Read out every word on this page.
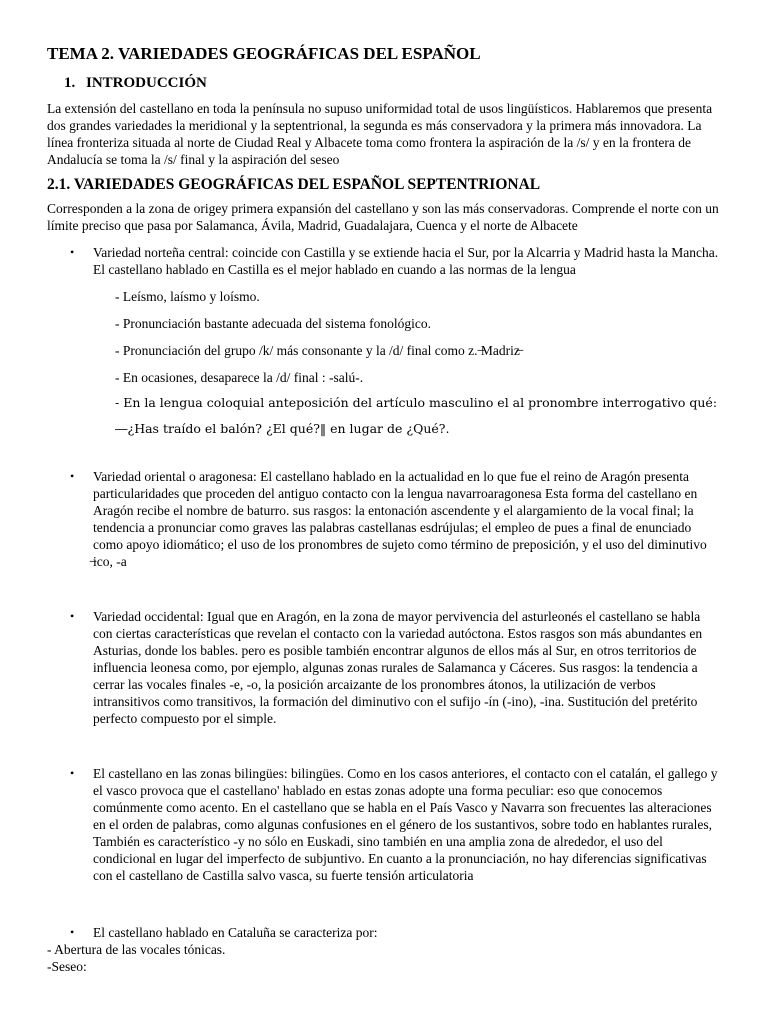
TEMA 2. VARIEDADES GEOGRÁFICAS DEL ESPAÑOL
1. INTRODUCCIÓN

La extensión del castellano en toda la península no supuso uniformidad total de usos lingüísticos. Hablaremos que presenta dos grandes variedades la meridional y la septentrional, la segunda es más conservadora y la primera más innovadora. La línea fronteriza situada al norte de Ciudad Real y Albacete toma como frontera la aspiración de la /s/ y en la frontera de Andalucía se toma la /s/ final y la aspiración del seseo

2.1. VARIEDADES GEOGRÁFICAS DEL ESPAÑOL SEPTENTRIONAL

Corresponden a la zona de origey primera expansión del castellano y son las más conservadoras. Comprende el norte con un límite preciso que pasa por Salamanca, Ávila, Madrid, Guadalajara, Cuenca y el norte de Albacete

• Variedad norteña central: coincide con Castilla y se extiende hacia el Sur, por la Alcarria y Madrid hasta la Mancha. El castellano hablado en Castilla es el mejor hablado en cuando a las normas de la lengua

- Leísmo, laísmo y loísmo.

- Pronunciación bastante adecuada del sistema fonológico.

- Pronunciación del grupo /k/ más consonante y la /d/ final como z. ̶Madriz̶

- En ocasiones, desaparece la /d/ final : -salú-.

- En la lengua coloquial anteposición del artículo masculino el al pronombre interrogativo qué: ―¿Has traído el balón? ¿El qué?‖ en lugar de ¿Qué?.

• Variedad oriental o aragonesa: El castellano hablado en la actualidad en lo que fue el reino de Aragón presenta particularidades que proceden del antiguo contacto con la lengua navarroaragonesa Esta forma del castellano en Aragón recibe el nombre de baturro. sus rasgos: la entonación ascendente y el alargamiento de la vocal final; la tendencia a pronunciar como graves las palabras castellanas esdrújulas; el empleo de pues a final de enunciado como apoyo idiomático; el uso de los pronombres de sujeto como término de preposición, y el uso del diminutivo ̶ico, -a

• Variedad occidental: Igual que en Aragón, en la zona de mayor pervivencia del asturleonés el castellano se habla con ciertas características que revelan el contacto con la variedad autóctona. Estos rasgos son más abundantes en Asturias, donde los bables. pero es posible también encontrar algunos de ellos más al Sur, en otros territorios de influencia leonesa como, por ejemplo, algunas zonas rurales de Salamanca y Cáceres. Sus rasgos: la tendencia a cerrar las vocales finales -e, -o, la posición arcaizante de los pronombres átonos, la utilización de verbos intransitivos como transitivos, la formación del diminutivo con el sufijo -ín (-ino), -ina. Sustitución del pretérito perfecto compuesto por el simple.

• El castellano en las zonas bilingües: bilingües. Como en los casos anteriores, el contacto con el catalán, el gallego y el vasco provoca que el castellano' hablado en estas zonas adopte una forma peculiar: eso que conocemos comúnmente como acento. En el castellano que se habla en el País Vasco y Navarra son frecuentes las alteraciones en el orden de palabras, como algunas confusiones en el género de los sustantivos, sobre todo en hablantes rurales, También es característico -y no sólo en Euskadi, sino también en una amplia zona de alrededor, el uso del condicional en lugar del imperfecto de subjuntivo. En cuanto a la pronunciación, no hay diferencias significativas con el castellano de Castilla salvo vasca, su fuerte tensión articulatoria

• El castellano hablado en Cataluña se caracteriza por:

- Abertura de las vocales tónicas.

-Seseo:
